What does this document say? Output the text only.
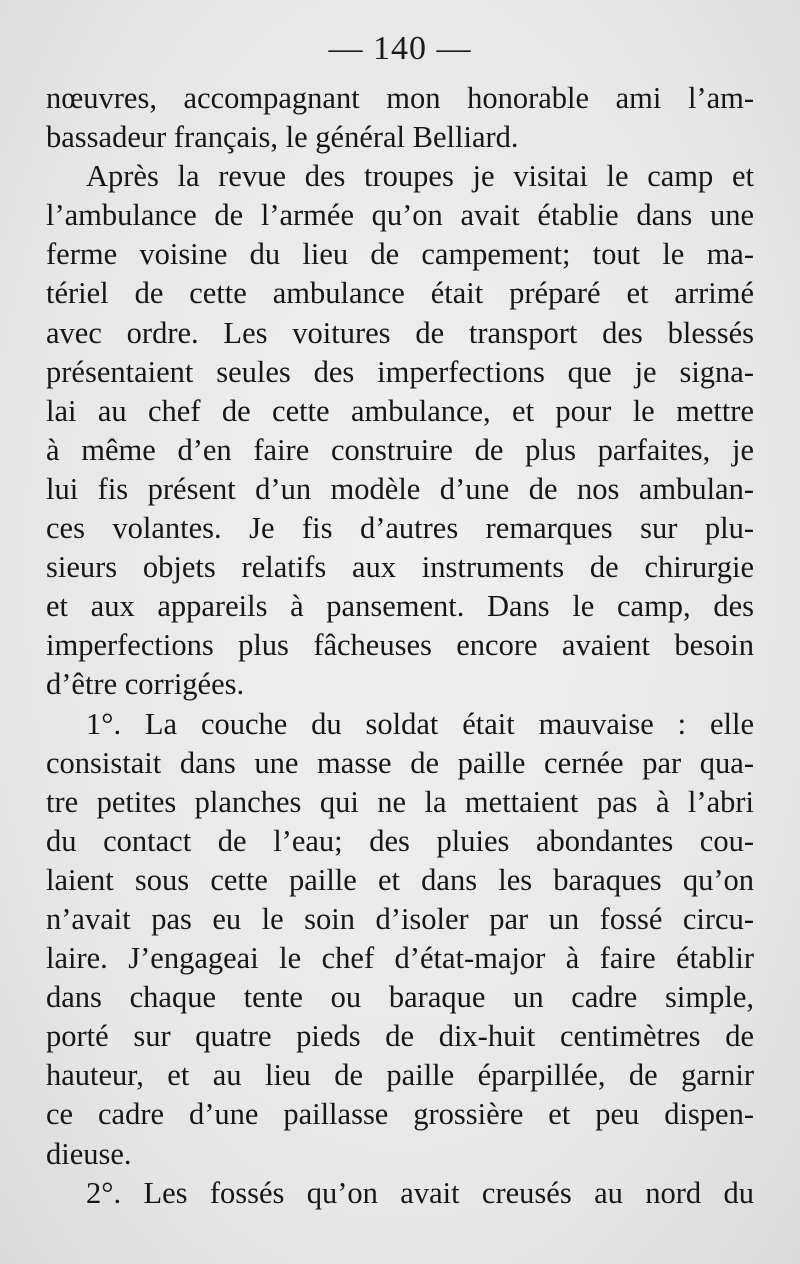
— 140 —
nœuvres, accompagnant mon honorable ami l’am-
bassadeur français, le général Belliard.
Après la revue des troupes je visitai le camp et
l’ambulance de l’armée qu’on avait établie dans une
ferme voisine du lieu de campement; tout le ma-
tériel de cette ambulance était préparé et arrimé
avec ordre. Les voitures de transport des blessés
présentaient seules des imperfections que je signa-
lai au chef de cette ambulance, et pour le mettre
à même d’en faire construire de plus parfaites, je
lui fis présent d’un modèle d’une de nos ambulan-
ces volantes. Je fis d’autres remarques sur plu-
sieurs objets relatifs aux instruments de chirurgie
et aux appareils à pansement. Dans le camp, des
imperfections plus fâcheuses encore avaient besoin
d’être corrigées.
1°. La couche du soldat était mauvaise : elle
consistait dans une masse de paille cernée par qua-
tre petites planches qui ne la mettaient pas à l’abri
du contact de l’eau; des pluies abondantes cou-
laient sous cette paille et dans les baraques qu’on
n’avait pas eu le soin d’isoler par un fossé circu-
laire. J’engageai le chef d’état-major à faire établir
dans chaque tente ou baraque un cadre simple,
porté sur quatre pieds de dix-huit centimètres de
hauteur, et au lieu de paille éparpillée, de garnir
ce cadre d’une paillasse grossière et peu dispen-
dieuse.
2°. Les fossés qu’on avait creusés au nord du
